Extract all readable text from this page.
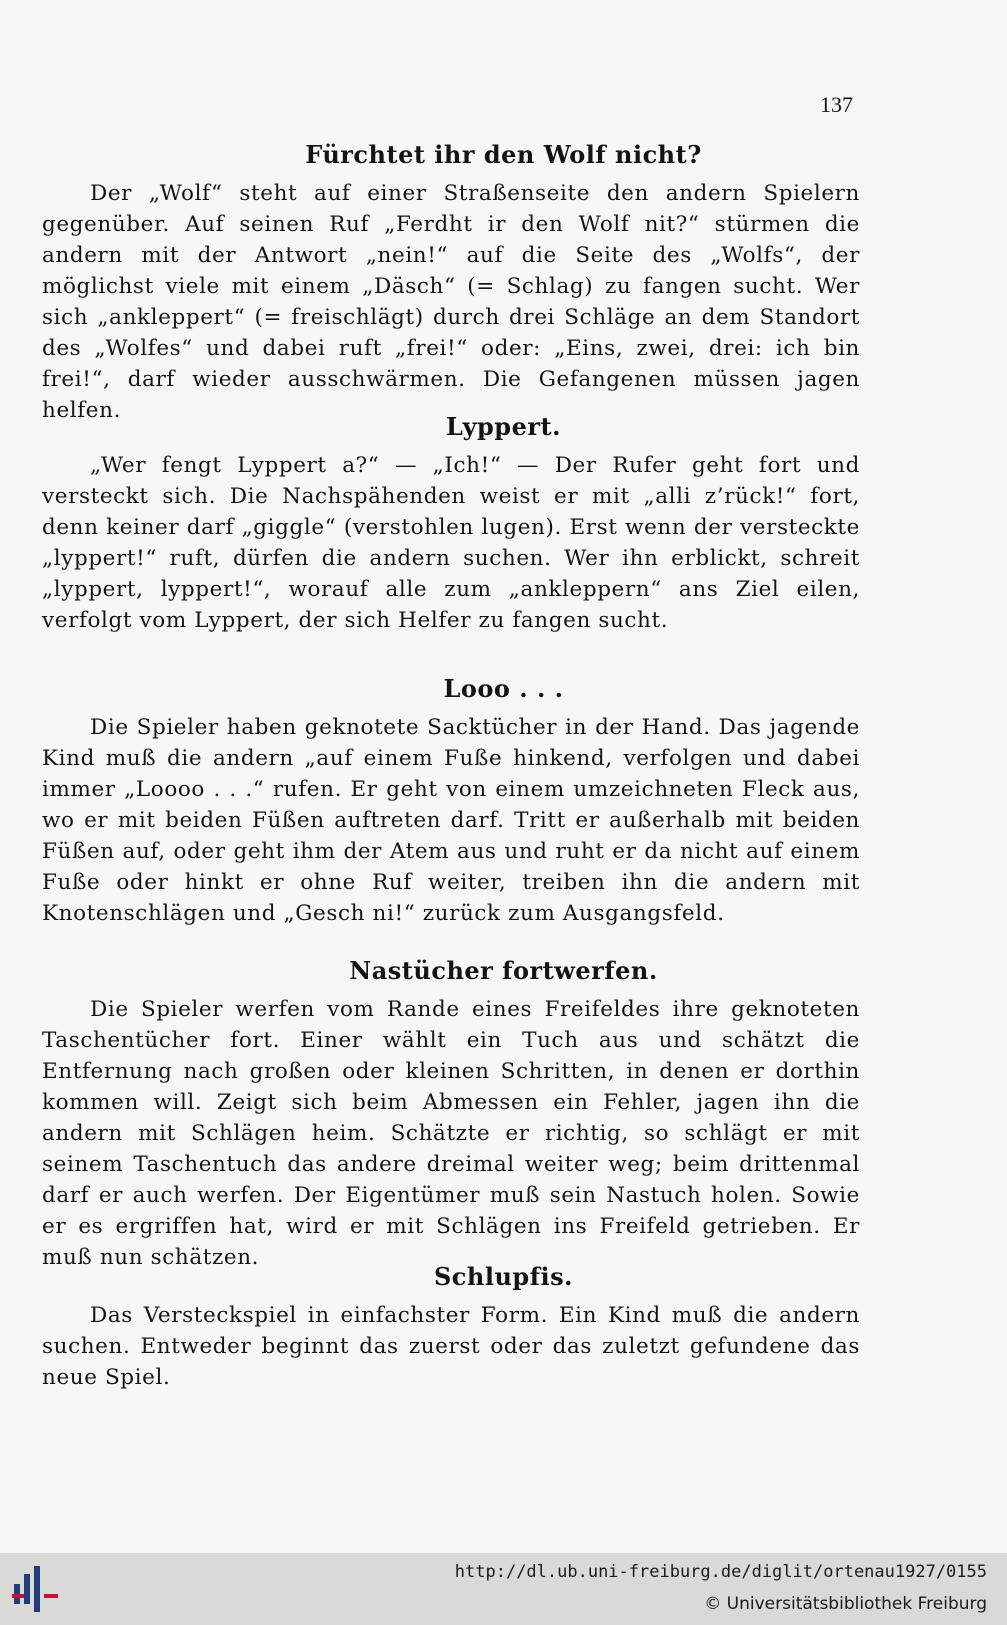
137
Fürchtet ihr den Wolf nicht?
Der „Wolf“ steht auf einer Straßenseite den andern Spielern gegenüber. Auf seinen Ruf „Ferdht ir den Wolf nit?“ stürmen die andern mit der Antwort „nein!“ auf die Seite des „Wolfs“, der möglichst viele mit einem „Däsch“ (= Schlag) zu fangen sucht. Wer sich „ankleppert“ (= freischlägt) durch drei Schläge an dem Standort des „Wolfes“ und dabei ruft „frei!“ oder: „Eins, zwei, drei: ich bin frei!“, darf wieder ausschwärmen. Die Gefangenen müssen jagen helfen.
Lyppert.
„Wer fengt Lyppert a?“ — „Ich!“ — Der Rufer geht fort und versteckt sich. Die Nachspähenden weist er mit „alli z’rück!“ fort, denn keiner darf „giggle“ (verstohlen lugen). Erst wenn der versteckte „lyppert!“ ruft, dürfen die andern suchen. Wer ihn erblickt, schreit „lyppert, lyppert!“, worauf alle zum „ankleppern“ ans Ziel eilen, verfolgt vom Lyppert, der sich Helfer zu fangen sucht.
Looo . . .
Die Spieler haben geknotete Sacktücher in der Hand. Das jagende Kind muß die andern „auf einem Fuße hinkend, verfolgen und dabei immer „Loooo . . .“ rufen. Er geht von einem umzeichneten Fleck aus, wo er mit beiden Füßen auftreten darf. Tritt er außerhalb mit beiden Füßen auf, oder geht ihm der Atem aus und ruht er da nicht auf einem Fuße oder hinkt er ohne Ruf weiter, treiben ihn die andern mit Knotenschlägen und „Gesch ni!“ zurück zum Ausgangsfeld.
Nastücher fortwerfen.
Die Spieler werfen vom Rande eines Freifeldes ihre geknoteten Taschentücher fort. Einer wählt ein Tuch aus und schätzt die Entfernung nach großen oder kleinen Schritten, in denen er dorthin kommen will. Zeigt sich beim Abmessen ein Fehler, jagen ihn die andern mit Schlägen heim. Schätzte er richtig, so schlägt er mit seinem Taschentuch das andere dreimal weiter weg; beim drittenmal darf er auch werfen. Der Eigentümer muß sein Nastuch holen. Sowie er es ergriffen hat, wird er mit Schlägen ins Freifeld getrieben. Er muß nun schätzen.
Schlupfis.
Das Versteckspiel in einfachster Form. Ein Kind muß die andern suchen. Entweder beginnt das zuerst oder das zuletzt gefundene das neue Spiel.
http://dl.ub.uni-freiburg.de/diglit/ortenau1927/0155
© Universitätsbibliothek Freiburg
